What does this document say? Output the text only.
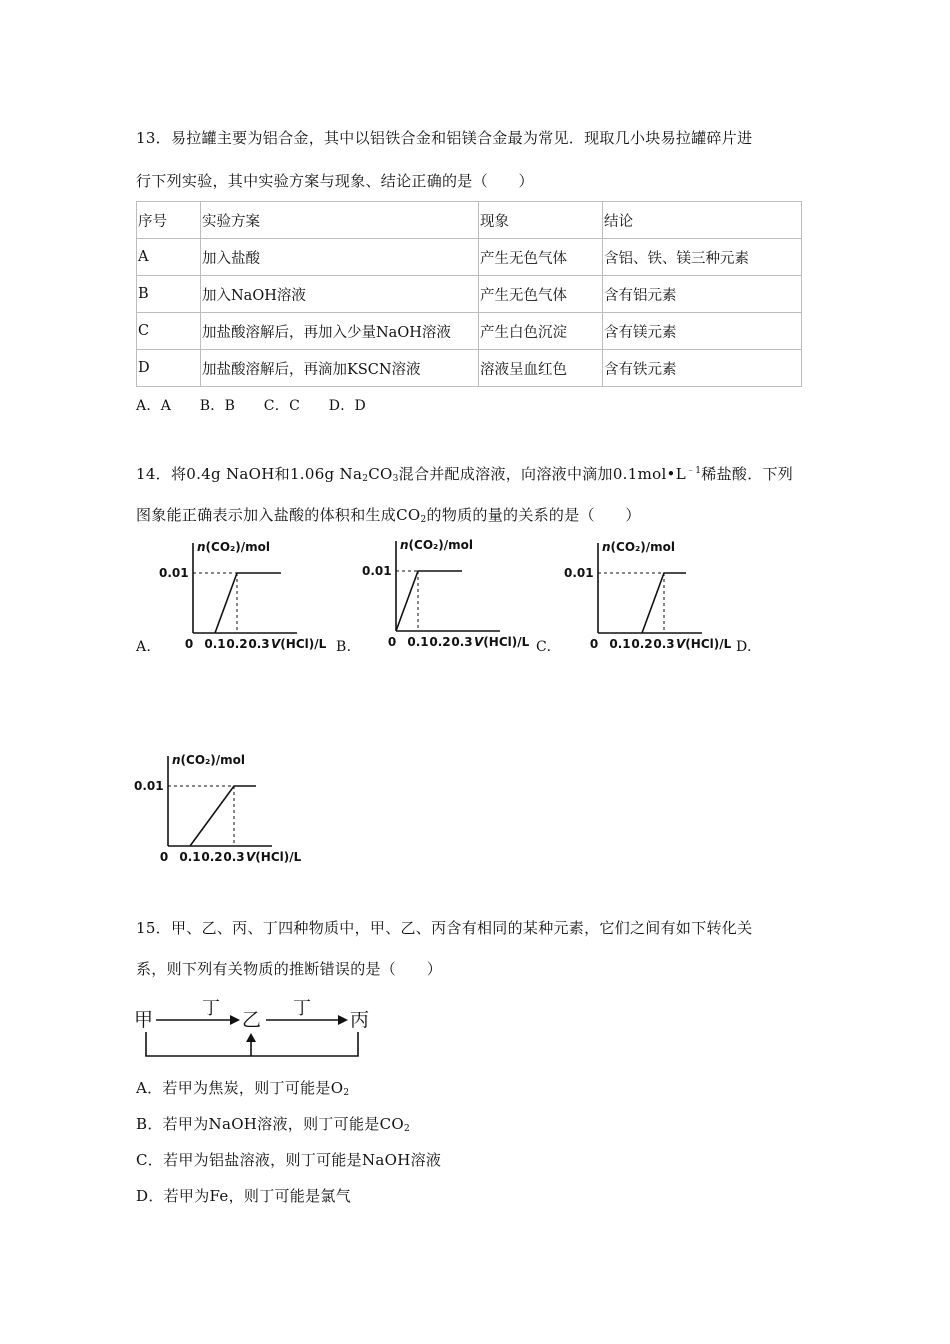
13．易拉罐主要为铝合金，其中以铝铁合金和铝镁合金最为常见．现取几小块易拉罐碎片进
行下列实验，其中实验方案与现象、结论正确的是（　　）
序号	实验方案	现象	结论
A	加入盐酸	产生无色气体	含铝、铁、镁三种元素
B	加入NaOH溶液	产生无色气体	含有铝元素
C	加盐酸溶解后，再加入少量NaOH溶液	产生白色沉淀	含有镁元素
D	加盐酸溶解后，再滴加KSCN溶液	溶液呈血红色	含有铁元素
A．A　　B．B　　C．C　　D．D
14．将0.4g NaOH和1.06g $Na_2CO_3$混合并配成溶液，向溶液中滴加$0.1mol•L^{﹣1}$稀盐酸．下列
图象能正确表示加入盐酸的体积和生成$CO_2$的物质的量的关系的是（　　）
A.	B.	C.	D.
n(CO₂)/mol
0.01
0 0.1 0.2 0.3 V(HCl)/L
n(CO₂)/mol
0.01
0 0.1 0.2 0.3 V(HCl)/L
n(CO₂)/mol
0.01
0 0.1 0.2 0.3 V(HCl)/L
n(CO₂)/mol
0.01
0 0.1 0.2 0.3 V(HCl)/L
15．甲、乙、丙、丁四种物质中，甲、乙、丙含有相同的某种元素，它们之间有如下转化关
系，则下列有关物质的推断错误的是（　　）
甲
丁
乙
丁
丙
A．若甲为焦炭，则丁可能是$O_2$
B．若甲为NaOH溶液，则丁可能是$CO_2$
C．若甲为铝盐溶液，则丁可能是NaOH溶液
D．若甲为Fe，则丁可能是氯气
